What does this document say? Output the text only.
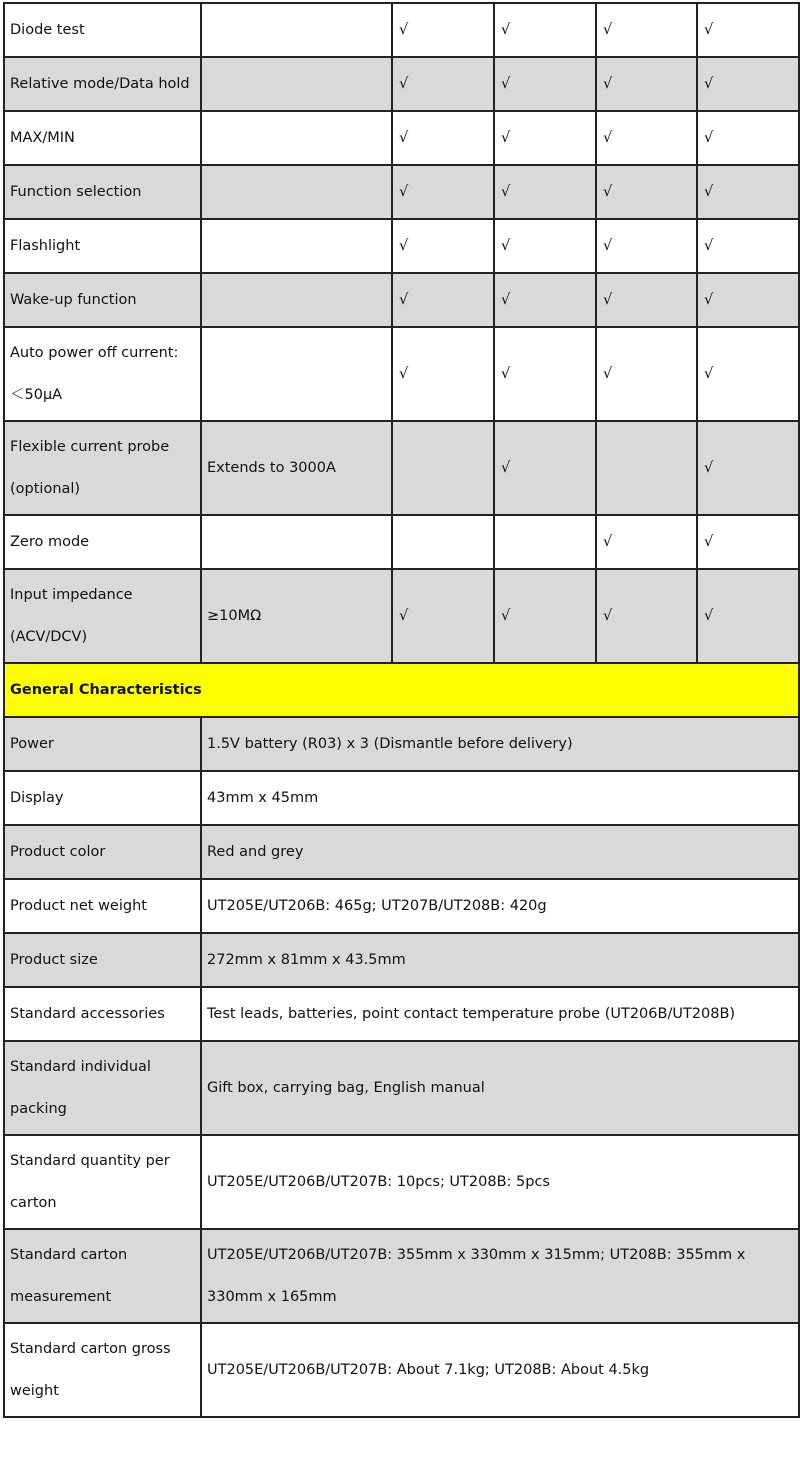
Diode test		√	√	√	√
Relative mode/Data hold		√	√	√	√
MAX/MIN		√	√	√	√
Function selection		√	√	√	√
Flashlight		√	√	√	√
Wake-up function		√	√	√	√
Auto power off current: ＜50μA		√	√	√	√
Flexible current probe (optional)	Extends to 3000A		√		√
Zero mode				√	√
Input impedance (ACV/DCV)	≥10MΩ	√	√	√	√
General Characteristics					
Power	1.5V battery (R03) x 3 (Dismantle before delivery)				
Display	43mm x 45mm				
Product color	Red and grey				
Product net weight	UT205E/UT206B: 465g; UT207B/UT208B: 420g				
Product size	272mm x 81mm x 43.5mm				
Standard accessories	Test leads, batteries, point contact temperature probe (UT206B/UT208B)				
Standard individual packing	Gift box, carrying bag, English manual				
Standard quantity per carton	UT205E/UT206B/UT207B: 10pcs; UT208B: 5pcs				
Standard carton measurement	UT205E/UT206B/UT207B: 355mm x 330mm x 315mm; UT208B: 355mm x 330mm x 165mm				
Standard carton gross weight	UT205E/UT206B/UT207B: About 7.1kg; UT208B: About 4.5kg				
